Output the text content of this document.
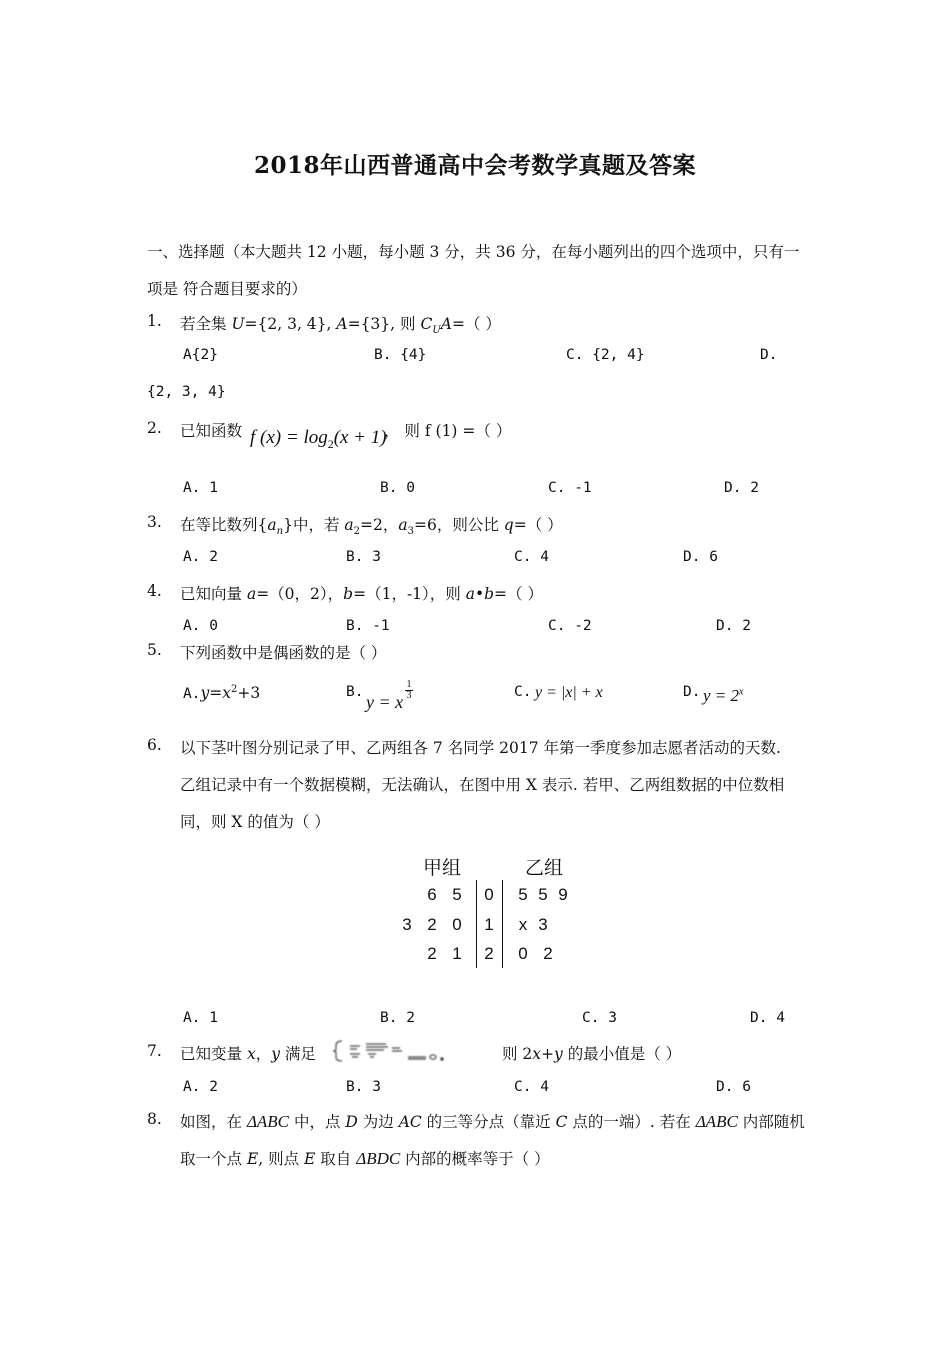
2018年山西普通高中会考数学真题及答案
一、选择题（本大题共 12 小题，每小题 3 分，共 36 分，在每小题列出的四个选项中，只有一
项是 符合题目要求的）
1. 若全集 U={2, 3, 4}, A={3}, 则 $C_UA=$（ ）
A{2}	B. {4}	C. {2, 4}	D.
{2, 3, 4}
2. 已知函数 f $(x) = \log_2(x + 1)$
， 则 f (1) =（ ）
A. 1	B. 0	C. -1	D. 2
3. 在等比数列$\{a_n\}$中，若 $a_2=2$，$a_3=6$，则公比 q=（ ）
A. 2	B. 3	C. 4	D. 6
4. 已知向量 a=（0，2），b=（1，-1），则 a•b=（ ）
A. 0	B. -1	C. -2	D. 2
5. 下列函数中是偶函数的是（ ）
$A.y=x^2+3$	B. y = x
1
3	C. y = |x| + x	D. $y = 2^x$
6. 以下茎叶图分别记录了甲、乙两组各 7 名同学 2017 年第一季度参加志愿者活动的天数.
乙组记录中有一个数据模糊，无法确认，在图中用 X 表示. 若甲、乙两组数据的中位数相
同，则 X 的值为（ ）
甲组	乙组
6 5	0	5 5 9
3 2 0	1	x 3
2 1	2	0 2
A. 1	B. 2	C. 3	D. 4
7. 已知变量 x，y 满足	则 2x+y 的最小值是（ ）
A. 2	B. 3	C. 4	D. 6
8. 如图，在 ΔABC 中，点 D 为边 AC 的三等分点（靠近 C 点的一端）. 若在 ΔABC 内部随机
取一个点 E, 则点 E 取自 ΔBDC 内部的概率等于（ ）
